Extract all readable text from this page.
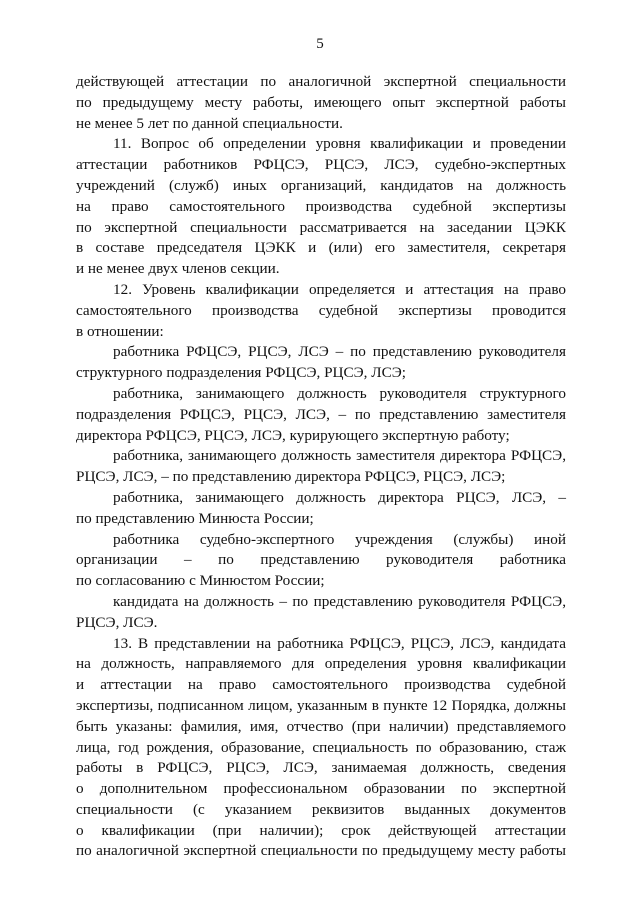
5
действующей аттестации по аналогичной экспертной специальности
по предыдущему месту работы, имеющего опыт экспертной работы
не менее 5 лет по данной специальности.
11. Вопрос об определении уровня квалификации и проведении
аттестации работников РФЦСЭ, РЦСЭ, ЛСЭ, судебно-экспертных
учреждений (служб) иных организаций, кандидатов на должность
на право самостоятельного производства судебной экспертизы
по экспертной специальности рассматривается на заседании ЦЭКК
в составе председателя ЦЭКК и (или) его заместителя, секретаря
и не менее двух членов секции.
12. Уровень квалификации определяется и аттестация на право
самостоятельного производства судебной экспертизы проводится
в отношении:
работника РФЦСЭ, РЦСЭ, ЛСЭ – по представлению руководителя
структурного подразделения РФЦСЭ, РЦСЭ, ЛСЭ;
работника, занимающего должность руководителя структурного
подразделения РФЦСЭ, РЦСЭ, ЛСЭ, – по представлению заместителя
директора РФЦСЭ, РЦСЭ, ЛСЭ, курирующего экспертную работу;
работника, занимающего должность заместителя директора РФЦСЭ,
РЦСЭ, ЛСЭ, – по представлению директора РФЦСЭ, РЦСЭ, ЛСЭ;
работника, занимающего должность директора РЦСЭ, ЛСЭ, –
по представлению Минюста России;
работника судебно-экспертного учреждения (службы) иной
организации – по представлению руководителя работника
по согласованию с Минюстом России;
кандидата на должность – по представлению руководителя РФЦСЭ,
РЦСЭ, ЛСЭ.
13. В представлении на работника РФЦСЭ, РЦСЭ, ЛСЭ, кандидата
на должность, направляемого для определения уровня квалификации
и аттестации на право самостоятельного производства судебной
экспертизы, подписанном лицом, указанным в пункте 12 Порядка, должны
быть указаны: фамилия, имя, отчество (при наличии) представляемого
лица, год рождения, образование, специальность по образованию, стаж
работы в РФЦСЭ, РЦСЭ, ЛСЭ, занимаемая должность, сведения
о дополнительном профессиональном образовании по экспертной
специальности (с указанием реквизитов выданных документов
о квалификации (при наличии); срок действующей аттестации
по аналогичной экспертной специальности по предыдущему месту работы
